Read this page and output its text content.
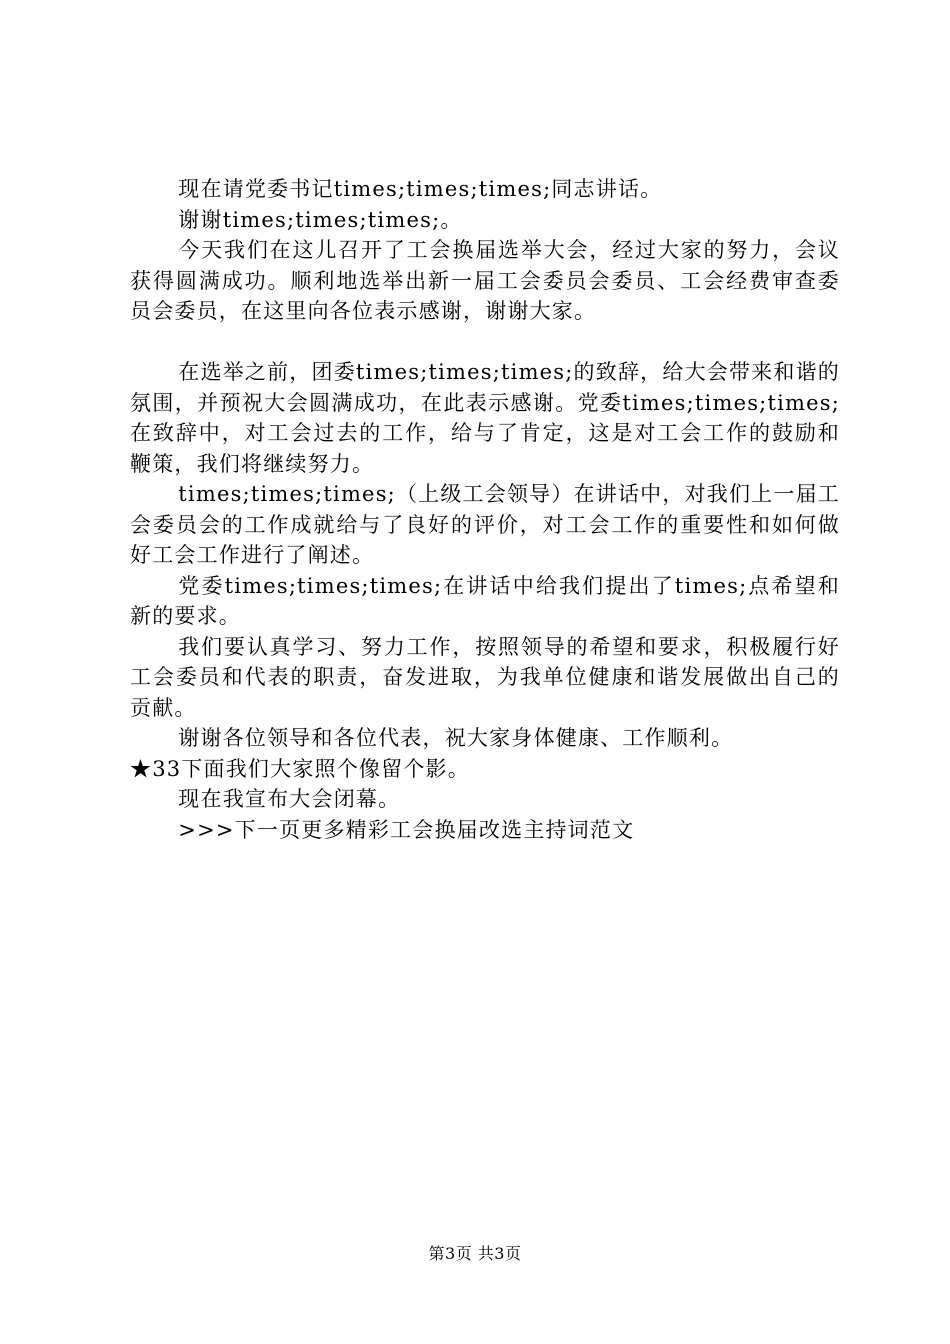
现在请党委书记times;times;times;同志讲话。

谢谢times;times;times;。

今天我们在这儿召开了工会换届选举大会，经过大家的努力，会议获得圆满成功。顺利地选举出新一届工会委员会委员、工会经费审查委员会委员，在这里向各位表示感谢，谢谢大家。

在选举之前，团委times;times;times;的致辞，给大会带来和谐的氛围，并预祝大会圆满成功，在此表示感谢。党委times;times;times;在致辞中，对工会过去的工作，给与了肯定，这是对工会工作的鼓励和鞭策，我们将继续努力。

times;times;times;（上级工会领导）在讲话中，对我们上一届工会委员会的工作成就给与了良好的评价，对工会工作的重要性和如何做好工会工作进行了阐述。

党委times;times;times;在讲话中给我们提出了times;点希望和新的要求。

我们要认真学习、努力工作，按照领导的希望和要求，积极履行好工会委员和代表的职责，奋发进取，为我单位健康和谐发展做出自己的贡献。

谢谢各位领导和各位代表，祝大家身体健康、工作顺利。

★33下面我们大家照个像留个影。

现在我宣布大会闭幕。

>>>下一页更多精彩工会换届改选主持词范文

第3页 共3页
